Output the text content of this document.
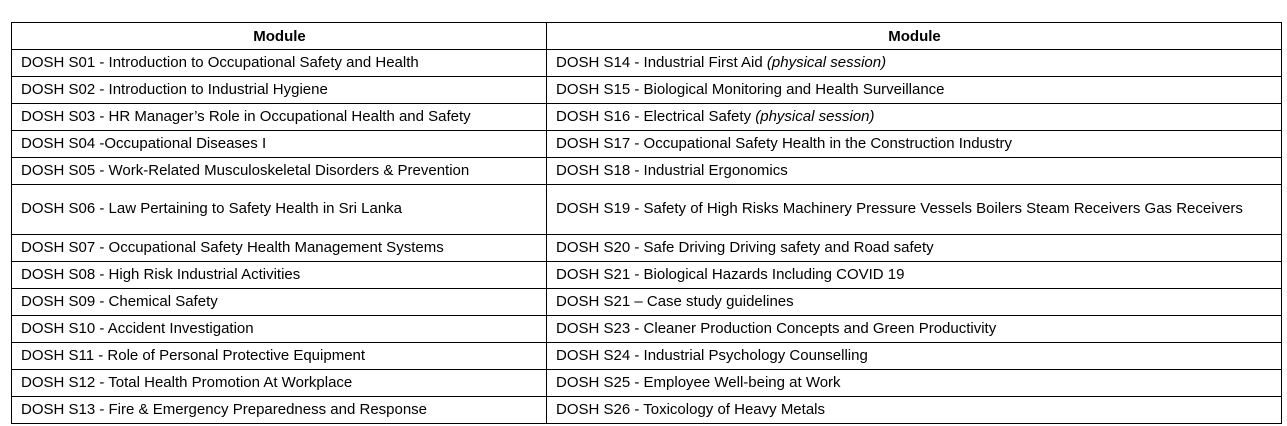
Module	Module
DOSH S01 - Introduction to Occupational Safety and Health	DOSH S14 - Industrial First Aid (physical session)
DOSH S02 - Introduction to Industrial Hygiene	DOSH S15 - Biological Monitoring and Health Surveillance
DOSH S03 - HR Manager’s Role in Occupational Health and Safety	DOSH S16 - Electrical Safety (physical session)
DOSH S04 -Occupational Diseases I	DOSH S17 - Occupational Safety Health in the Construction Industry
DOSH S05 - Work-Related Musculoskeletal Disorders & Prevention	DOSH S18 - Industrial Ergonomics
DOSH S06 - Law Pertaining to Safety Health in Sri Lanka	DOSH S19 - Safety of High Risks Machinery Pressure Vessels Boilers Steam Receivers Gas Receivers
DOSH S07 - Occupational Safety Health Management Systems	DOSH S20 - Safe Driving Driving safety and Road safety
DOSH S08 - High Risk Industrial Activities	DOSH S21 - Biological Hazards Including COVID 19
DOSH S09 - Chemical Safety	DOSH S21 – Case study guidelines
DOSH S10 - Accident Investigation	DOSH S23 - Cleaner Production Concepts and Green Productivity
DOSH S11 - Role of Personal Protective Equipment	DOSH S24 - Industrial Psychology Counselling
DOSH S12 - Total Health Promotion At Workplace	DOSH S25 - Employee Well-being at Work
DOSH S13 - Fire & Emergency Preparedness and Response	DOSH S26 - Toxicology of Heavy Metals
